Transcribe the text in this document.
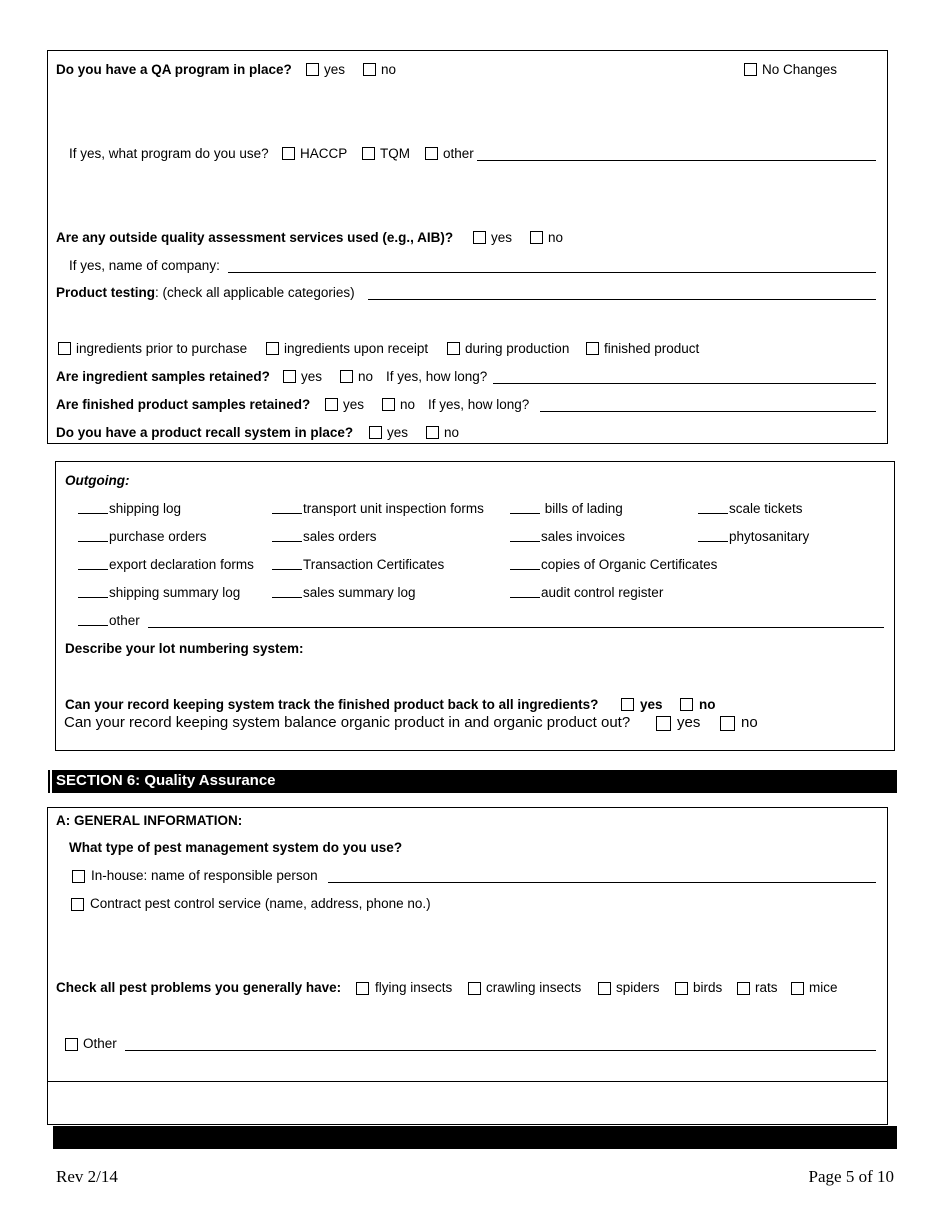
Do you have a QA program in place? yes	no	No Changes
If yes, what program do you use? HACCP TQM other
Are any outside quality assessment services used (e.g., AIB)?	yes	no
If yes, name of company:
Product testing: (check all applicable categories)
ingredients prior to purchase	ingredients upon receipt	during production	finished product
Are ingredient samples retained? yes	no If yes, how long?
Are finished product samples retained? yes	no If yes, how long?
Do you have a product recall system in place?	yes	no
Outgoing:
shipping log	transport unit inspection forms	bills of lading	scale tickets
purchase orders	sales orders	sales invoices	phytosanitary
export declaration forms	Transaction Certificates	copies of Organic Certificates
shipping summary log	sales summary log	audit control register
other
Describe your lot numbering system:
Can your record keeping system track the finished product back to all ingredients?	yes	no
Can your record keeping system balance organic product in and organic product out?	yes	no
SECTION 6: Quality Assurance
A: GENERAL INFORMATION:
What type of pest management system do you use?
In-house: name of responsible person
Contract pest control service (name, address, phone no.)
Check all pest problems you generally have:	flying insects crawling insects	spiders birds rats mice
Other
Rev 2/14	Page 5 of 10
